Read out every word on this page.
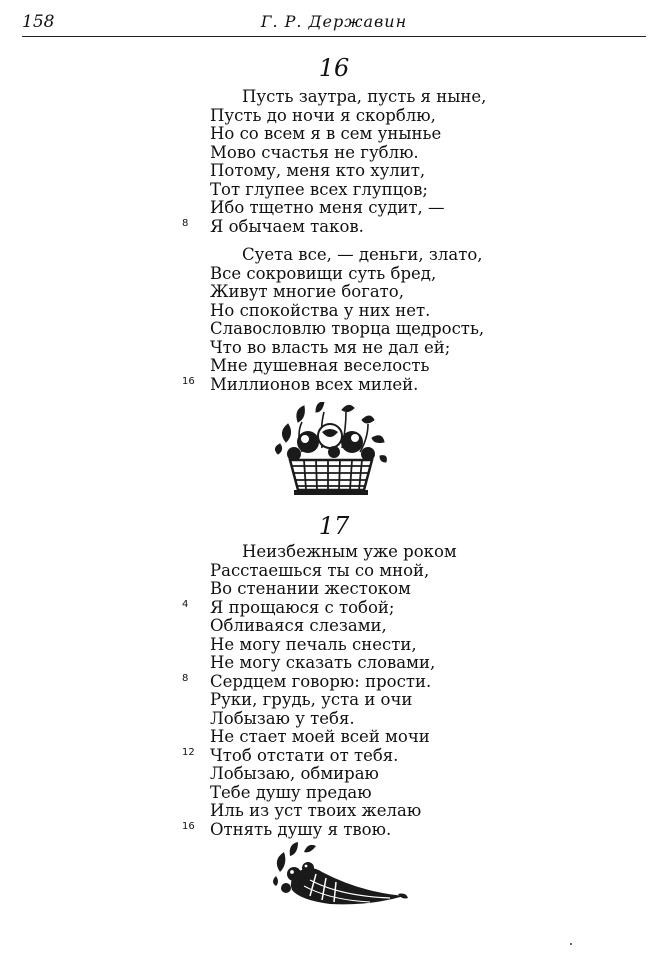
158	Г. Р. Державин
16
Пусть заутра, пусть я ныне,
Пусть до ночи я скорблю,
Но со всем я в сем унынье
Мово счастья не гублю.
Потому, меня кто хулит,
Тот глупее всех глупцов;
Ибо тщетно меня судит, —
Я обычаем таков.
8
Суета все, — деньги, злато,
Все сокровищи суть бред,
Живут многие богато,
Но спокойства у них нет.
Славословлю творца щедрость,
Что во власть мя не дал ей;
Мне душевная веселость
Миллионов всех милей.
16
17
Неизбежным уже роком
Расстаешься ты со мной,
Во стенании жестоком
Я прощаюся с тобой;
4
Обливаяся слезами,
Не могу печаль снести,
Не могу сказать словами,
Сердцем говорю: прости.
8
Руки, грудь, уста и очи
Лобызаю у тебя.
Не стает моей всей мочи
Чтоб отстати от тебя.
12
Лобызаю, обмираю
Тебе душу предаю
Иль из уст твоих желаю
Отнять душу я твою.
16
